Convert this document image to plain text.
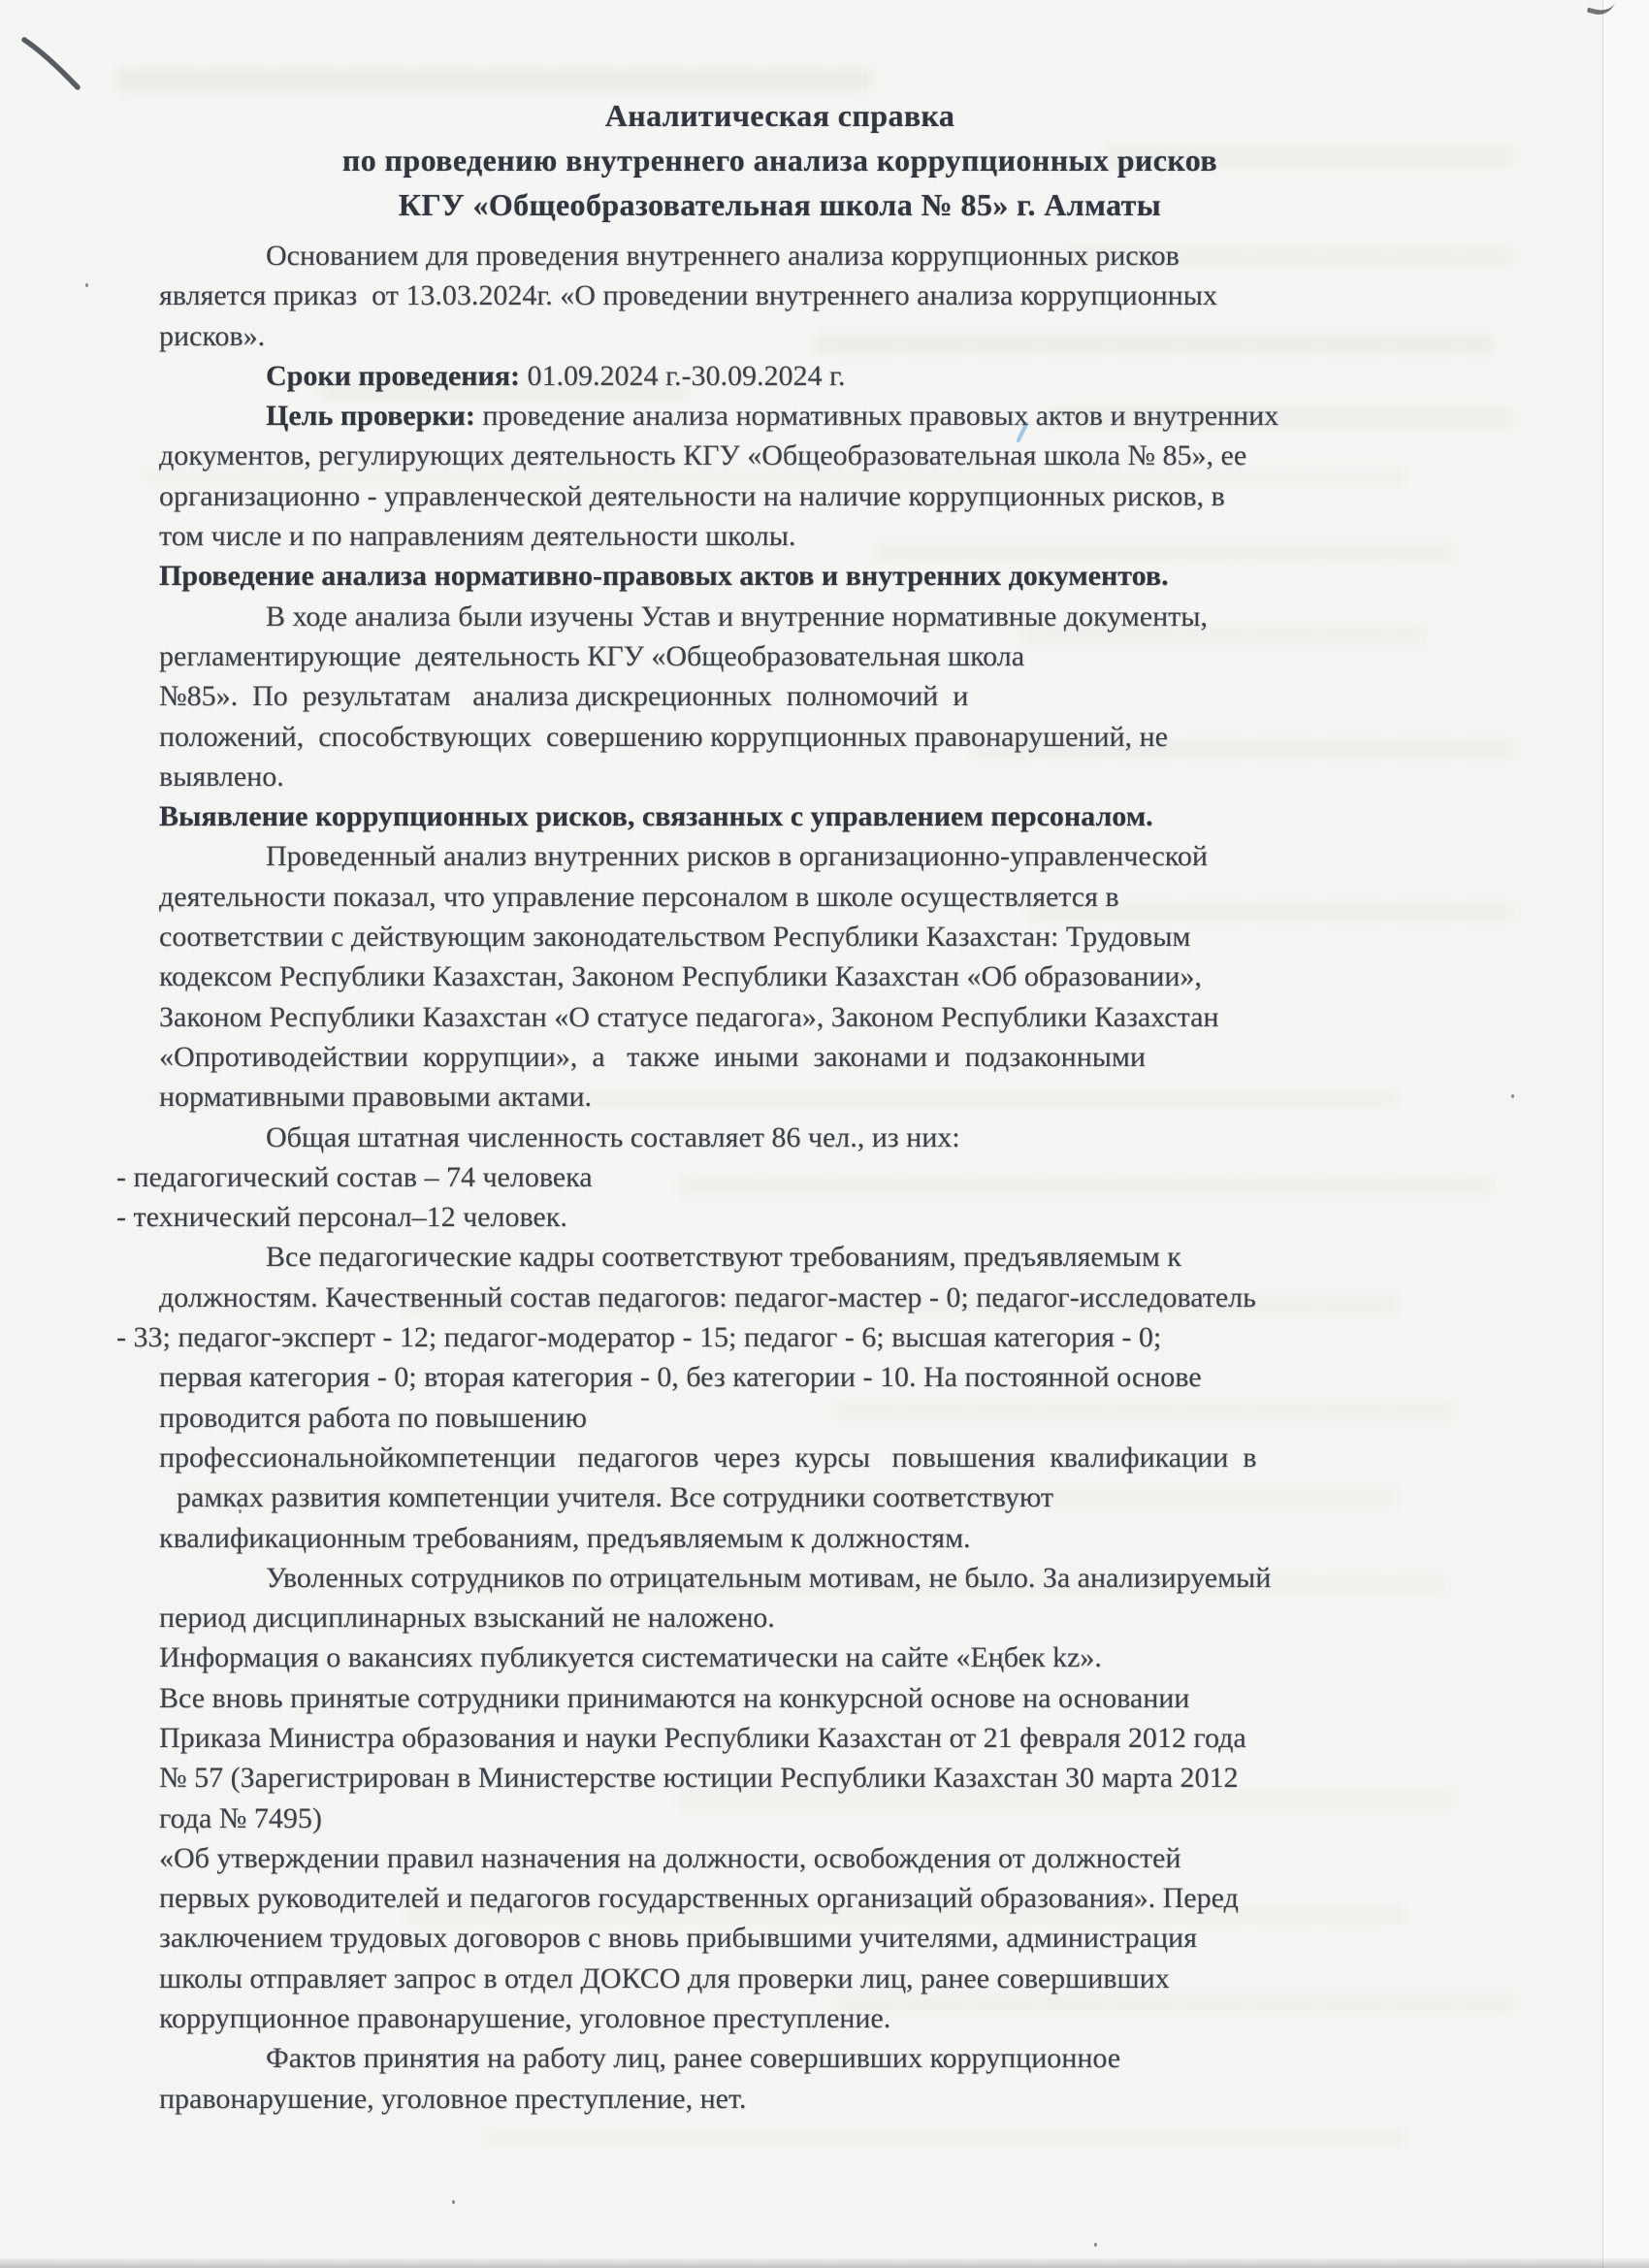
Аналитическая справка
по проведению внутреннего анализа коррупционных рисков
КГУ «Общеобразовательная школа № 85» г. Алматы
Основанием для проведения внутреннего анализа коррупционных рисков
является приказ  от 13.03.2024г. «О проведении внутреннего анализа коррупционных
рисков».
Сроки проведения: 01.09.2024 г.-30.09.2024 г.
Цель проверки: проведение анализа нормативных правовых актов и внутренних
документов, регулирующих деятельность КГУ «Общеобразовательная школа № 85», ее
организационно - управленческой деятельности на наличие коррупционных рисков, в
том числе и по направлениям деятельности школы.
Проведение анализа нормативно-правовых актов и внутренних документов.
В ходе анализа были изучены Устав и внутренние нормативные документы,
регламентирующие  деятельность КГУ «Общеобразовательная школа
№85».  По  результатам   анализа дискреционных  полномочий  и
положений,  способствующих  совершению коррупционных правонарушений, не
выявлено.
Выявление коррупционных рисков, связанных с управлением персоналом.
Проведенный анализ внутренних рисков в организационно-управленческой
деятельности показал, что управление персоналом в школе осуществляется в
соответствии с действующим законодательством Республики Казахстан: Трудовым
кодексом Республики Казахстан, Законом Республики Казахстан «Об образовании»,
Законом Республики Казахстан «О статусе педагога», Законом Республики Казахстан
«Опротиводействии  коррупции»,  а   также  иными  законами и  подзаконными
нормативными правовыми актами.
Общая штатная численность составляет 86 чел., из них:
- педагогический состав – 74 человека
- технический персонал–12 человек.
Все педагогические кадры соответствуют требованиям, предъявляемым к
должностям. Качественный состав педагогов: педагог-мастер - 0; педагог-исследователь
- 33; педагог-эксперт - 12; педагог-модератор - 15; педагог - 6; высшая категория - 0;
первая категория - 0; вторая категория - 0, без категории - 10. На постоянной основе
проводится работа по повышению
профессиональнойкомпетенции   педагогов  через  курсы   повышения  квалификации  в
рамках развития компетенции учителя. Все сотрудники соответствуют
квалификационным требованиям, предъявляемым к должностям.
Уволенных сотрудников по отрицательным мотивам, не было. За анализируемый
период дисциплинарных взысканий не наложено.
Информация о вакансиях публикуется систематически на сайте «Еңбек kz».
Все вновь принятые сотрудники принимаются на конкурсной основе на основании
Приказа Министра образования и науки Республики Казахстан от 21 февраля 2012 года
№ 57 (Зарегистрирован в Министерстве юстиции Республики Казахстан 30 марта 2012
года № 7495)
«Об утверждении правил назначения на должности, освобождения от должностей
первых руководителей и педагогов государственных организаций образования». Перед
заключением трудовых договоров с вновь прибывшими учителями, администрация
школы отправляет запрос в отдел ДОКСО для проверки лиц, ранее совершивших
коррупционное правонарушение, уголовное преступление.
Фактов принятия на работу лиц, ранее совершивших коррупционное
правонарушение, уголовное преступление, нет.
